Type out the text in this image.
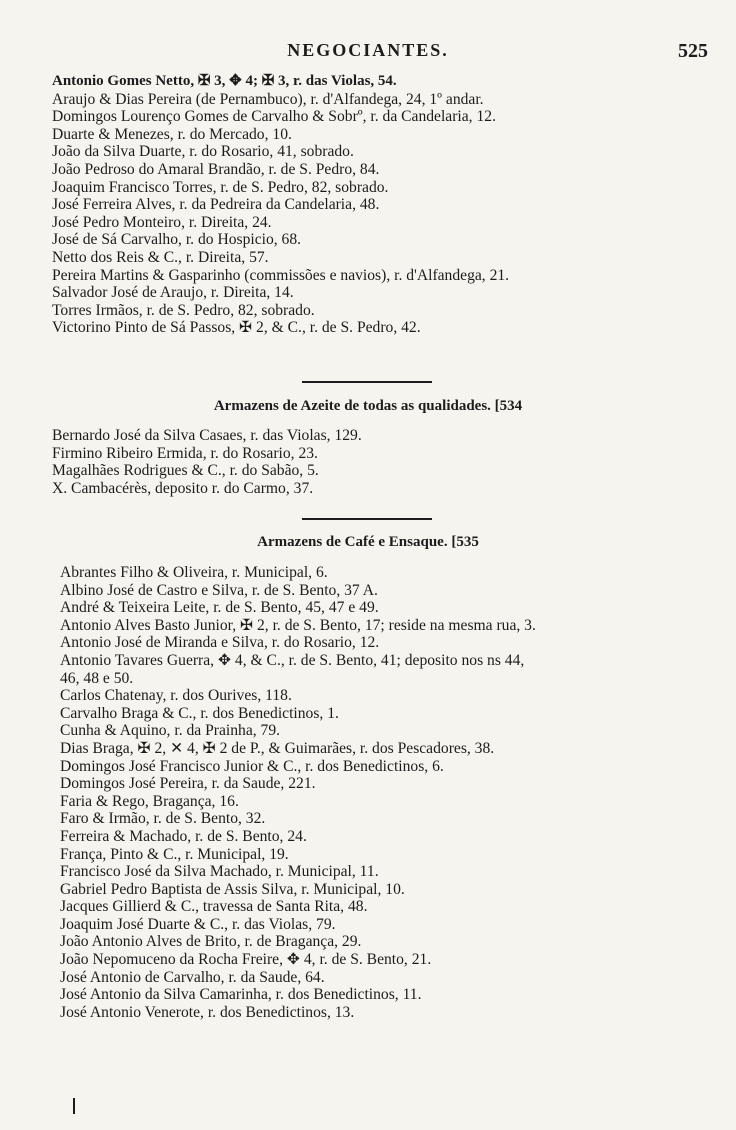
NEGOCIANTES.	525
Antonio Gomes Netto, ✠ 3, ✥ 4; ✠ 3, r. das Violas, 54.
Araujo & Dias Pereira (de Pernambuco), r. d'Alfandega, 24, 1º andar.
Domingos Lourenço Gomes de Carvalho & Sobrº, r. da Candelaria, 12.
Duarte & Menezes, r. do Mercado, 10.
João da Silva Duarte, r. do Rosario, 41, sobrado.
João Pedroso do Amaral Brandão, r. de S. Pedro, 84.
Joaquim Francisco Torres, r. de S. Pedro, 82, sobrado.
José Ferreira Alves, r. da Pedreira da Candelaria, 48.
José Pedro Monteiro, r. Direita, 24.
José de Sá Carvalho, r. do Hospicio, 68.
Netto dos Reis & C., r. Direita, 57.
Pereira Martins & Gasparinho (commissões e navios), r. d'Alfandega, 21.
Salvador José de Araujo, r. Direita, 14.
Torres Irmãos, r. de S. Pedro, 82, sobrado.
Victorino Pinto de Sá Passos, ✠ 2, & C., r. de S. Pedro, 42.
Armazens de Azeite de todas as qualidades. [534
Bernardo José da Silva Casaes, r. das Violas, 129.
Firmino Ribeiro Ermida, r. do Rosario, 23.
Magalhães Rodrigues & C., r. do Sabão, 5.
X. Cambacérès, deposito r. do Carmo, 37.
Armazens de Café e Ensaque. [535
Abrantes Filho & Oliveira, r. Municipal, 6.
Albino José de Castro e Silva, r. de S. Bento, 37 A.
André & Teixeira Leite, r. de S. Bento, 45, 47 e 49.
Antonio Alves Basto Junior, ✠ 2, r. de S. Bento, 17; reside na mesma rua, 3.
Antonio José de Miranda e Silva, r. do Rosario, 12.
Antonio Tavares Guerra, ✥ 4, & C., r. de S. Bento, 41; deposito nos ns 44,
46, 48 e 50.
Carlos Chatenay, r. dos Ourives, 118.
Carvalho Braga & C., r. dos Benedictinos, 1.
Cunha & Aquino, r. da Prainha, 79.
Dias Braga, ✠ 2, ✕ 4, ✠ 2 de P., & Guimarães, r. dos Pescadores, 38.
Domingos José Francisco Junior & C., r. dos Benedictinos, 6.
Domingos José Pereira, r. da Saude, 221.
Faria & Rego, Bragança, 16.
Faro & Irmão, r. de S. Bento, 32.
Ferreira & Machado, r. de S. Bento, 24.
França, Pinto & C., r. Municipal, 19.
Francisco José da Silva Machado, r. Municipal, 11.
Gabriel Pedro Baptista de Assis Silva, r. Municipal, 10.
Jacques Gillierd & C., travessa de Santa Rita, 48.
Joaquim José Duarte & C., r. das Violas, 79.
João Antonio Alves de Brito, r. de Bragança, 29.
João Nepomuceno da Rocha Freire, ✥ 4, r. de S. Bento, 21.
José Antonio de Carvalho, r. da Saude, 64.
José Antonio da Silva Camarinha, r. dos Benedictinos, 11.
José Antonio Venerote, r. dos Benedictinos, 13.
